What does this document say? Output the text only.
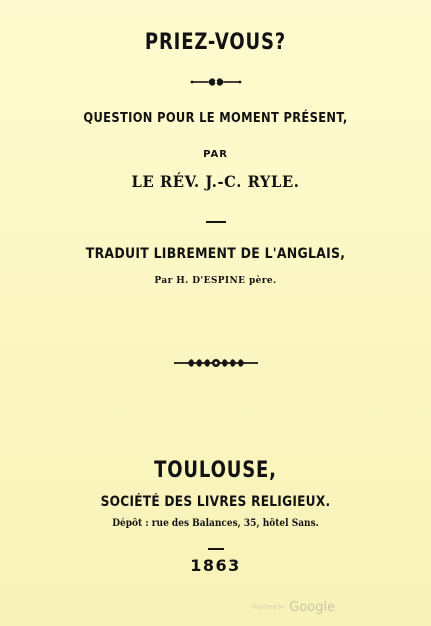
PRIEZ-VOUS?
QUESTION POUR LE MOMENT PRÉSENT,
PAR
LE RÉV. J.-C. RYLE.
TRADUIT LIBREMENT DE L'ANGLAIS,
Par H. D'ESPINE père.
TOULOUSE,
SOCIÉTÉ DES LIVRES RELIGIEUX.
Dépôt : rue des Balances, 35, hôtel Sans.
1863
Digitized by Google
